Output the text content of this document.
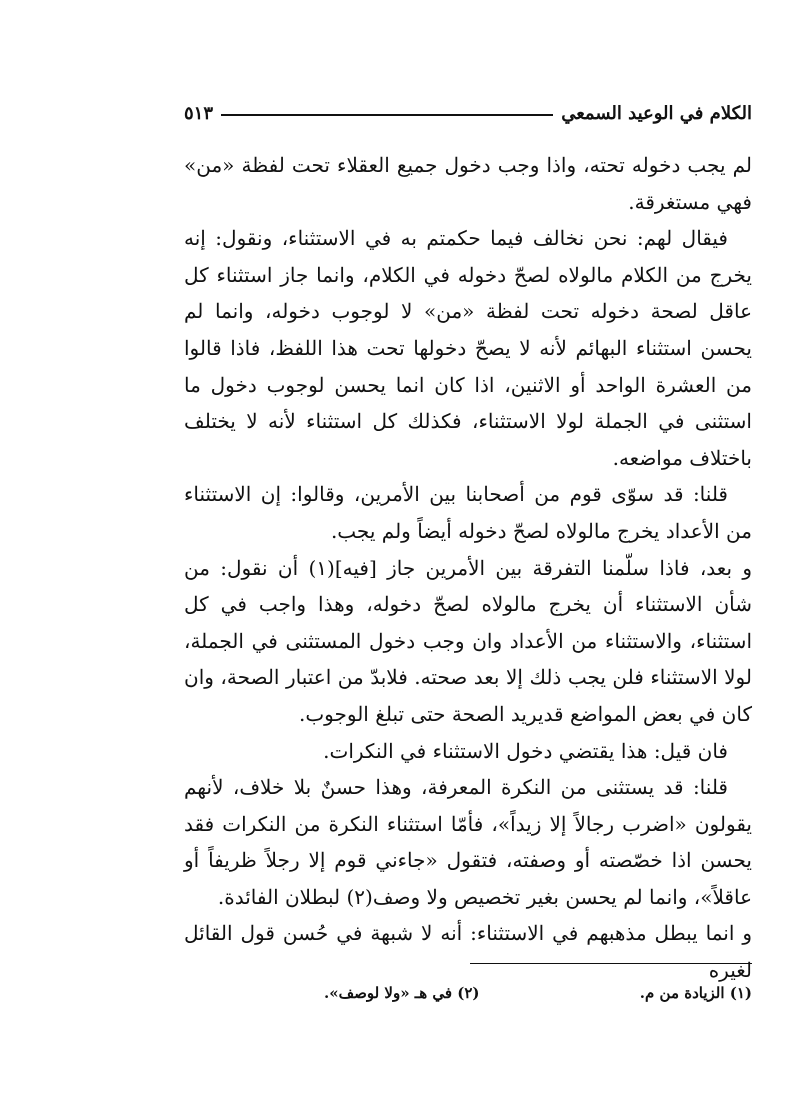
الكلام في الوعيد السمعي
٥١٣

لم يجب دخوله تحته، واذا وجب دخول جميع العقلاء تحت لفظة «من» فهي مستغرقة.

فيقال لهم: نحن نخالف فيما حكمتم به في الاستثناء، ونقول: إنه يخرج من الكلام مالولاه لصحّ دخوله في الكلام، وانما جاز استثناء كل عاقل لصحة دخوله تحت لفظة «من» لا لوجوب دخوله، وانما لم يحسن استثناء البهائم لأنه لا يصحّ دخولها تحت هذا اللفظ، فاذا قالوا من العشرة الواحد أو الاثنين، اذا كان انما يحسن لوجوب دخول ما استثنى في الجملة لولا الاستثناء، فكذلك كل استثناء لأنه لا يختلف باختلاف مواضعه.

قلنا: قد سوّى قوم من أصحابنا بين الأمرين، وقالوا: إن الاستثناء من الأعداد يخرج مالولاه لصحّ دخوله أيضاً ولم يجب.

و بعد، فاذا سلّمنا التفرقة بين الأمرين جاز [فيه](١) أن نقول: من شأن الاستثناء أن يخرج مالولاه لصحّ دخوله، وهذا واجب في كل استثناء، والاستثناء من الأعداد وان وجب دخول المستثنى في الجملة، لولا الاستثناء فلن يجب ذلك إلا بعد صحته. فلابدّ من اعتبار الصحة، وان كان في بعض المواضع قديريد الصحة حتى تبلغ الوجوب.

فان قيل: هذا يقتضي دخول الاستثناء في النكرات.

قلنا: قد يستثنى من النكرة المعرفة، وهذا حسنٌ بلا خلاف، لأنهم يقولون «اضرب رجالاً إلا زيداً»، فأمّا استثناء النكرة من النكرات فقد يحسن اذا خصّصته أو وصفته، فتقول «جاءني قوم إلا رجلاً ظريفاً أو عاقلاً»، وانما لم يحسن بغير تخصيص ولا وصف(٢) لبطلان الفائدة.

و انما يبطل مذهبهم في الاستثناء: أنه لا شبهة في حُسن قول القائل لغيره

(١) الزيادة من م.
(٢) في هـ «ولا لوصف».
